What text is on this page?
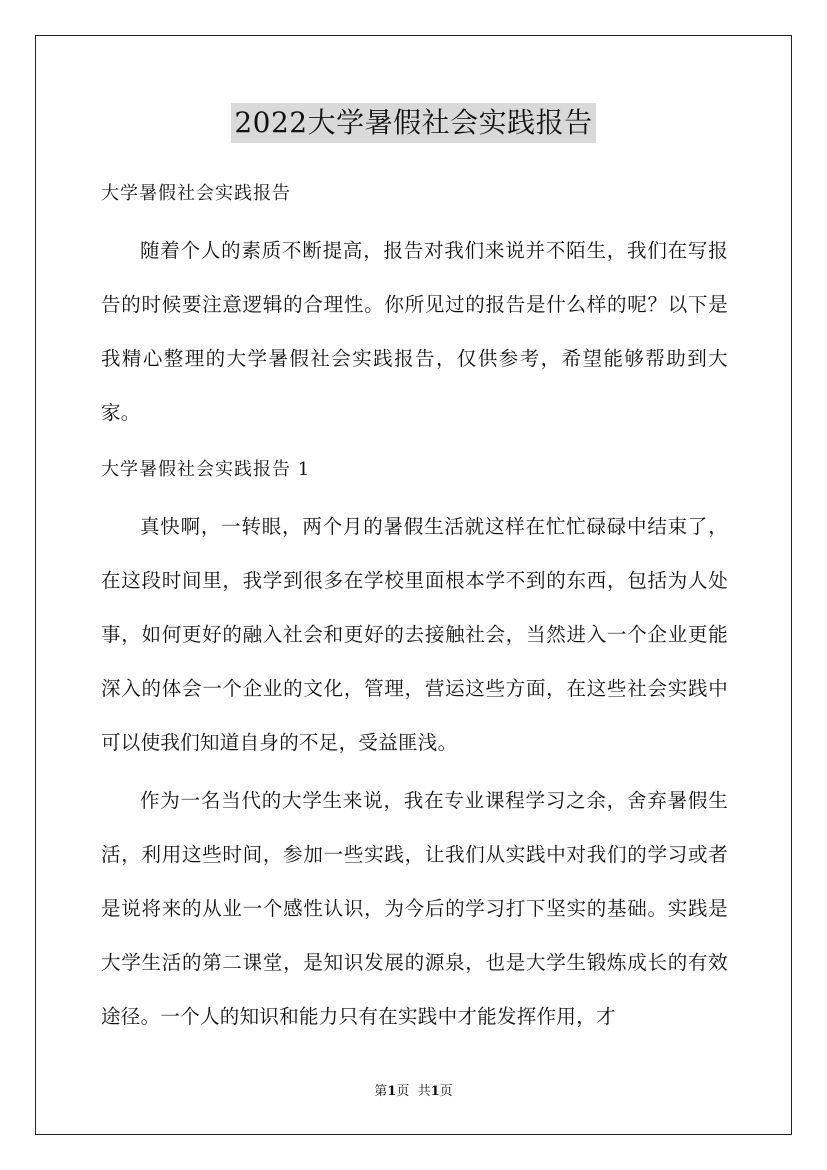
2022大学暑假社会实践报告
大学暑假社会实践报告

随着个人的素质不断提高，报告对我们来说并不陌生，我们在写报告的时候要注意逻辑的合理性。你所见过的报告是什么样的呢？以下是我精心整理的大学暑假社会实践报告，仅供参考，希望能够帮助到大家。

大学暑假社会实践报告 1

真快啊，一转眼，两个月的暑假生活就这样在忙忙碌碌中结束了，在这段时间里，我学到很多在学校里面根本学不到的东西，包括为人处事，如何更好的融入社会和更好的去接触社会，当然进入一个企业更能深入的体会一个企业的文化，管理，营运这些方面，在这些社会实践中可以使我们知道自身的不足，受益匪浅。

作为一名当代的大学生来说，我在专业课程学习之余，舍弃暑假生活，利用这些时间，参加一些实践，让我们从实践中对我们的学习或者是说将来的从业一个感性认识，为今后的学习打下坚实的基础。实践是大学生活的第二课堂，是知识发展的源泉，也是大学生锻炼成长的有效途径。一个人的知识和能力只有在实践中才能发挥作用，才

第1页 共1页
